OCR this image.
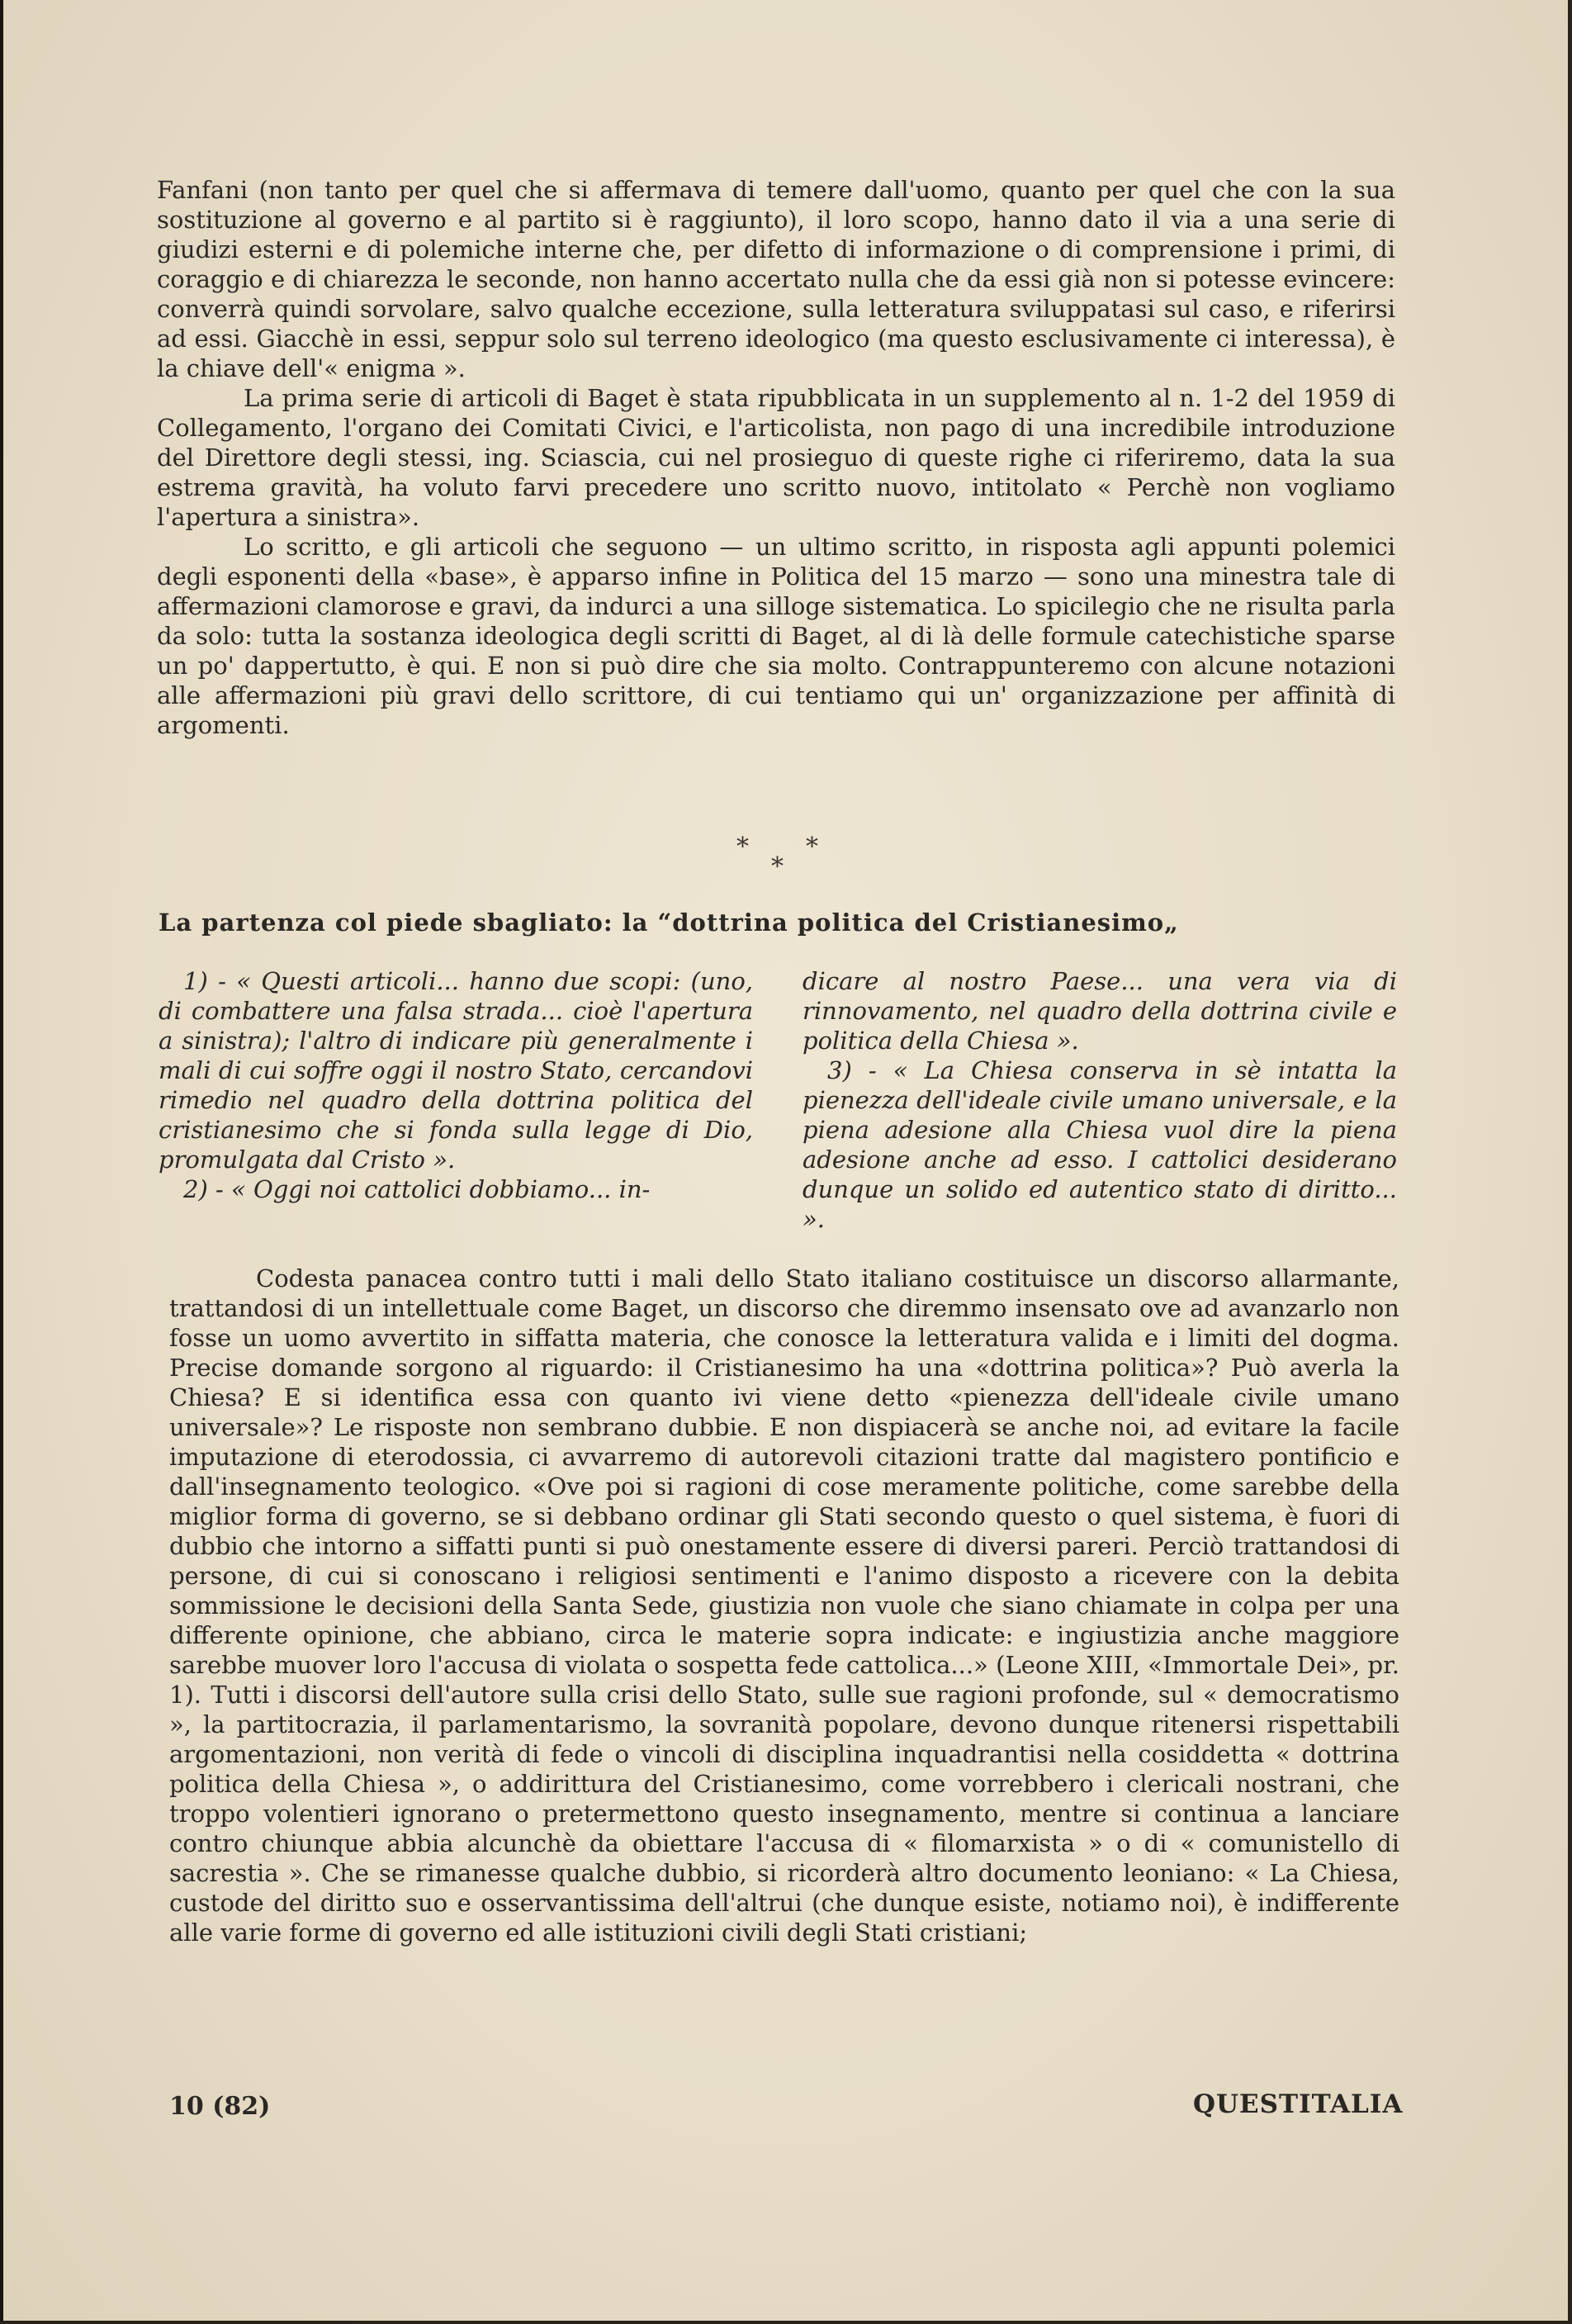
Fanfani (non tanto per quel che si affermava di temere dall'uomo, quanto per quel che con la sua sostituzione al governo e al partito si è raggiunto), il loro scopo, hanno dato il via a una serie di giudizi esterni e di polemiche interne che, per difetto di informazione o di comprensione i primi, di coraggio e di chiarezza le seconde, non hanno accertato nulla che da essi già non si potesse evincere: converrà quindi sorvolare, salvo qualche eccezione, sulla letteratura sviluppatasi sul caso, e riferirsi ad essi. Giacchè in essi, seppur solo sul terreno ideologico (ma questo esclusivamente ci interessa), è la chiave dell'« enigma ».

La prima serie di articoli di Baget è stata ripubblicata in un supplemento al n. 1-2 del 1959 di Collegamento, l'organo dei Comitati Civici, e l'articolista, non pago di una incredibile introduzione del Direttore degli stessi, ing. Sciascia, cui nel prosieguo di queste righe ci riferiremo, data la sua estrema gravità, ha voluto farvi precedere uno scritto nuovo, intitolato « Perchè non vogliamo l'apertura a sinistra».

Lo scritto, e gli articoli che seguono — un ultimo scritto, in risposta agli appunti polemici degli esponenti della «base», è apparso infine in Politica del 15 marzo — sono una minestra tale di affermazioni clamorose e gravi, da indurci a una silloge sistematica. Lo spicilegio che ne risulta parla da solo: tutta la sostanza ideologica degli scritti di Baget, al di là delle formule catechistiche sparse un po' dappertutto, è qui. E non si può dire che sia molto. Contrappunteremo con alcune notazioni alle affermazioni più gravi dello scrittore, di cui tentiamo qui un' organizzazione per affinità di argomenti.

* *
*
La partenza col piede sbagliato: la “dottrina politica del Cristianesimo„

1) - « Questi articoli... hanno due scopi: (uno, di combattere una falsa strada... cioè l'apertura a sinistra); l'altro di indicare più generalmente i mali di cui soffre oggi il nostro Stato, cercandovi rimedio nel quadro della dottrina politica del cristianesimo che si fonda sulla legge di Dio, promulgata dal Cristo ».

2) - « Oggi noi cattolici dobbiamo... in-

dicare al nostro Paese... una vera via di rinnovamento, nel quadro della dottrina civile e politica della Chiesa ».

3) - « La Chiesa conserva in sè intatta la pienezza dell'ideale civile umano universale, e la piena adesione alla Chiesa vuol dire la piena adesione anche ad esso. I cattolici desiderano dunque un solido ed autentico stato di diritto... ».

Codesta panacea contro tutti i mali dello Stato italiano costituisce un discorso allarmante, trattandosi di un intellettuale come Baget, un discorso che diremmo insensato ove ad avanzarlo non fosse un uomo avvertito in siffatta materia, che conosce la letteratura valida e i limiti del dogma. Precise domande sorgono al riguardo: il Cristianesimo ha una «dottrina politica»? Può averla la Chiesa? E si identifica essa con quanto ivi viene detto «pienezza dell'ideale civile umano universale»? Le risposte non sembrano dubbie. E non dispiacerà se anche noi, ad evitare la facile imputazione di eterodossia, ci avvarremo di autorevoli citazioni tratte dal magistero pontificio e dall'insegnamento teologico. «Ove poi si ragioni di cose meramente politiche, come sarebbe della miglior forma di governo, se si debbano ordinar gli Stati secondo questo o quel sistema, è fuori di dubbio che intorno a siffatti punti si può onestamente essere di diversi pareri. Perciò trattandosi di persone, di cui si conoscano i religiosi sentimenti e l'animo disposto a ricevere con la debita sommissione le decisioni della Santa Sede, giustizia non vuole che siano chiamate in colpa per una differente opinione, che abbiano, circa le materie sopra indicate: e ingiustizia anche maggiore sarebbe muover loro l'accusa di violata o sospetta fede cattolica...» (Leone XIII, «Immortale Dei», pr. 1). Tutti i discorsi dell'autore sulla crisi dello Stato, sulle sue ragioni profonde, sul « democratismo », la partitocrazia, il parlamentarismo, la sovranità popolare, devono dunque ritenersi rispettabili argomentazioni, non verità di fede o vincoli di disciplina inquadrantisi nella cosiddetta « dottrina politica della Chiesa », o addirittura del Cristianesimo, come vorrebbero i clericali nostrani, che troppo volentieri ignorano o pretermettono questo insegnamento, mentre si continua a lanciare contro chiunque abbia alcunchè da obiettare l'accusa di « filomarxista » o di « comunistello di sacrestia ». Che se rimanesse qualche dubbio, si ricorderà altro documento leoniano: « La Chiesa, custode del diritto suo e osservantissima dell'altrui (che dunque esiste, notiamo noi), è indifferente alle varie forme di governo ed alle istituzioni civili degli Stati cristiani;

10 (82)	QUESTITALIA
